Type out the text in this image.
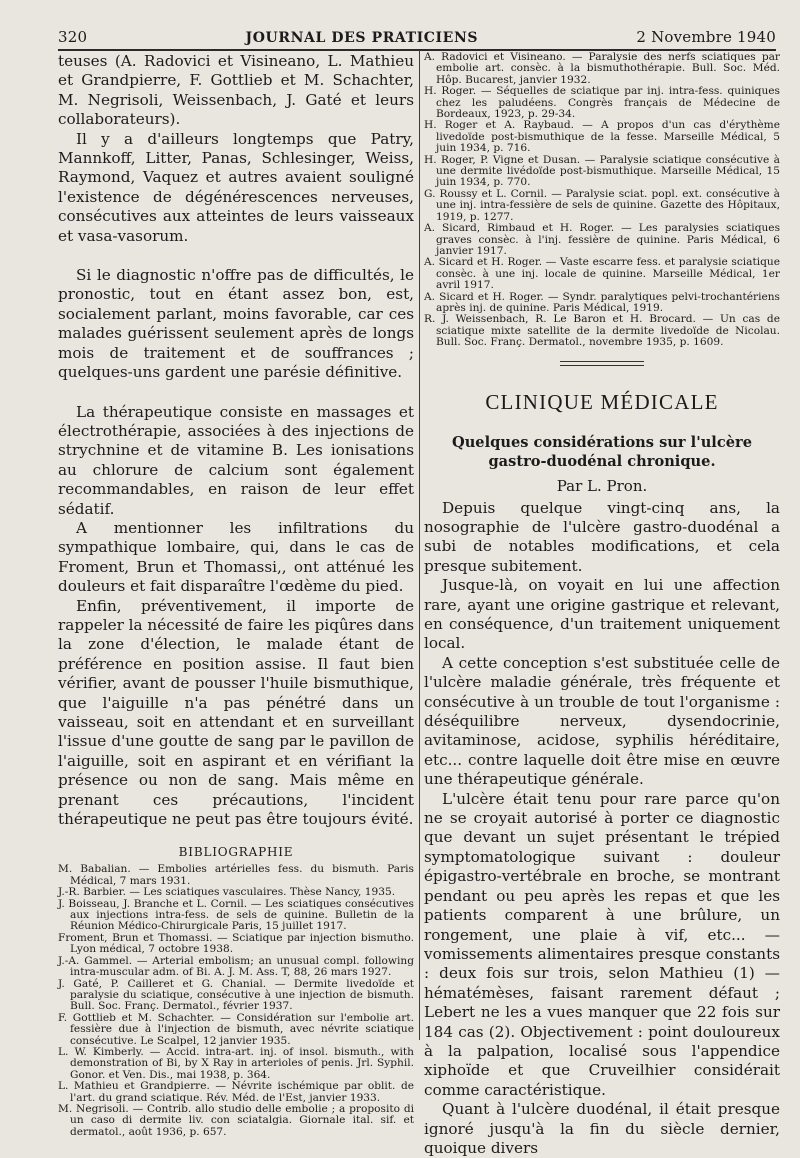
320	JOURNAL DES PRATICIENS	2 Novembre 1940

teuses (A. Radovici et Visineano, L. Mathieu et Grandpierre, F. Gottlieb et M. Schachter, M. Negrisoli, Weissenbach, J. Gaté et leurs collaborateurs).

Il y a d'ailleurs longtemps que Patry, Mannkoff, Litter, Panas, Schlesinger, Weiss, Raymond, Vaquez et autres avaient souligné l'existence de dégénérescences nerveuses, consécutives aux atteintes de leurs vaisseaux et vasa-vasorum.

Si le diagnostic n'offre pas de difficultés, le pronostic, tout en étant assez bon, est, socialement parlant, moins favorable, car ces malades guérissent seulement après de longs mois de traitement et de souffrances ; quelques-uns gardent une parésie définitive.

La thérapeutique consiste en massages et électrothérapie, associées à des injections de strychnine et de vitamine B. Les ionisations au chlorure de calcium sont également recommandables, en raison de leur effet sédatif.

A mentionner les infiltrations du sympathique lombaire, qui, dans le cas de Froment, Brun et Thomassi,, ont atténué les douleurs et fait disparaître l'œdème du pied.

Enfin, préventivement, il importe de rappeler la nécessité de faire les piqûres dans la zone d'élection, le malade étant de préférence en position assise. Il faut bien vérifier, avant de pousser l'huile bismuthique, que l'aiguille n'a pas pénétré dans un vaisseau, soit en attendant et en surveillant l'issue d'une goutte de sang par le pavillon de l'aiguille, soit en aspirant et en vérifiant la présence ou non de sang. Mais même en prenant ces précautions, l'incident thérapeutique ne peut pas être toujours évité.

BIBLIOGRAPHIE

M. Babalian. — Embolies artérielles fess. du bismuth. Paris Médical, 7 mars 1931.

J.-R. Barbier. — Les sciatiques vasculaires. Thèse Nancy, 1935.

J. Boisseau, J. Branche et L. Cornil. — Les sciatiques consécutives aux injections intra-fess. de sels de quinine. Bulletin de la Réunion Médico-Chirurgicale Paris, 15 juillet 1917.

Froment, Brun et Thomassi. — Sciatique par injection bismutho. Lyon médical, 7 octobre 1938.

J.-A. Gammel. — Arterial embolism; an unusual compl. following intra-muscular adm. of Bi. A. J. M. Ass. T, 88, 26 mars 1927.

J. Gaté, P. Cailleret et G. Chanial. — Dermite livedoïde et paralysie du sciatique, consécutive à une injection de bismuth. Bull. Soc. Franç. Dermatol., février 1937.

F. Gottlieb et M. Schachter. — Considération sur l'embolie art. fessière due à l'injection de bismuth, avec névrite sciatique consécutive. Le Scalpel, 12 janvier 1935.

L. W. Kimberly. — Accid. intra-art. inj. of insol. bismuth., with demonstration of Bi, by X Ray in arterioles of penis. Jrl. Syphil. Gonor. et Ven. Dis., mai 1938, p. 364.

L. Mathieu et Grandpierre. — Névrite ischémique par oblit. de l'art. du grand sciatique. Rév. Méd. de l'Est, janvier 1933.

M. Negrisoli. — Contrib. allo studio delle embolie ; a proposito di un caso di dermite liv. con sciatalgia. Giornale ital. sif. et dermatol., août 1936, p. 657.

A. Radovici et Visineano. — Paralysie des nerfs sciatiques par embolie art. consèc. à la bismuthothérapie. Bull. Soc. Méd. Hôp. Bucarest, janvier 1932.

H. Roger. — Séquelles de sciatique par inj. intra-fess. quiniques chez les paludéens. Congrès français de Médecine de Bordeaux, 1923, p. 29-34.

H. Roger et A. Raybaud. — A propos d'un cas d'érythème livedoïde post-bismuthique de la fesse. Marseille Médical, 5 juin 1934, p. 716.

H. Roger, P. Vigne et Dusan. — Paralysie sciatique consécutive à une dermite livédoïde post-bismuthique. Marseille Médical, 15 juin 1934, p. 770.

G. Roussy et L. Cornil. — Paralysie sciat. popl. ext. consécutive à une inj. intra-fessière de sels de quinine. Gazette des Hôpitaux, 1919, p. 1277.

A. Sicard, Rimbaud et H. Roger. — Les paralysies sciatiques graves consèc. à l'inj. fessière de quinine. Paris Médical, 6 janvier 1917.

A. Sicard et H. Roger. — Vaste escarre fess. et paralysie sciatique consèc. à une inj. locale de quinine. Marseille Médical, 1er avril 1917.

A. Sicard et H. Roger. — Syndr. paralytiques pelvi-trochantériens après inj. de quinine. Paris Médical, 1919.

R. J. Weissenbach, R. Le Baron et H. Brocard. — Un cas de sciatique mixte satellite de la dermite livedoïde de Nicolau. Bull. Soc. Franç. Dermatol., novembre 1935, p. 1609.

CLINIQUE MÉDICALE

Quelques considérations sur l'ulcère gastro-duodénal chronique.

Par L. Pron.

Depuis quelque vingt-cinq ans, la nosographie de l'ulcère gastro-duodénal a subi de notables modifications, et cela presque subitement.

Jusque-là, on voyait en lui une affection rare, ayant une origine gastrique et relevant, en conséquence, d'un traitement uniquement local.

A cette conception s'est substituée celle de l'ulcère maladie générale, très fréquente et consécutive à un trouble de tout l'organisme : déséquilibre nerveux, dysendocrinie, avitaminose, acidose, syphilis héréditaire, etc... contre laquelle doit être mise en œuvre une thérapeutique générale.

L'ulcère était tenu pour rare parce qu'on ne se croyait autorisé à porter ce diagnostic que devant un sujet présentant le trépied symptomatologique suivant : douleur épigastro-vertébrale en broche, se montrant pendant ou peu après les repas et que les patients comparent à une brûlure, un rongement, une plaie à vif, etc... — vomissements alimentaires presque constants : deux fois sur trois, selon Mathieu (1) — hématémèses, faisant rarement défaut ; Lebert ne les a vues manquer que 22 fois sur 184 cas (2). Objectivement : point douloureux à la palpation, localisé sous l'appendice xiphoïde et que Cruveilhier considérait comme caractéristique.

Quant à l'ulcère duodénal, il était presque ignoré jusqu'à la fin du siècle dernier, quoique divers
